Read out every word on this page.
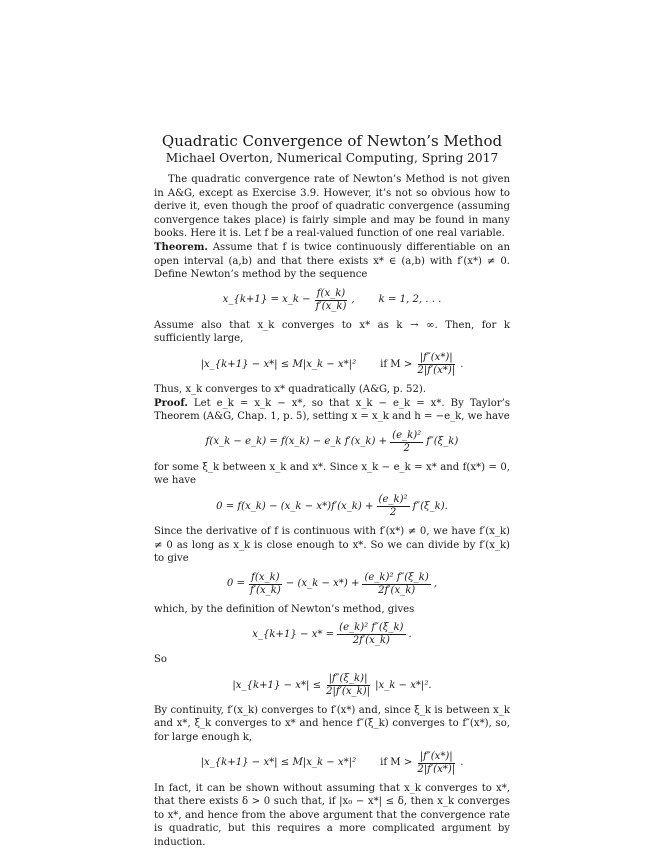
Quadratic Convergence of Newton’s Method
Michael Overton, Numerical Computing, Spring 2017

The quadratic convergence rate of Newton’s Method is not given in A&G, except as Exercise 3.9. However, it’s not so obvious how to derive it, even though the proof of quadratic convergence (assuming convergence takes place) is fairly simple and may be found in many books. Here it is. Let f be a real-valued function of one real variable.

Theorem. Assume that f is twice continuously differentiable on an open interval (a,b) and that there exists x* ∈ (a,b) with f′(x*) ≠ 0. Define Newton’s method by the sequence

x_{k+1} = x_k − $\frac{f(x\_k)}{f'(x\_k)}$ , k = 1, 2, . . .

Assume also that x_k converges to x* as k → ∞. Then, for k sufficiently large,

|x_{k+1} − x*| ≤ M|x_k − x*|² if $M > \frac{|f''(x*)|}{2|f'(x*)|}$ .

Thus, x_k converges to x* quadratically (A&G, p. 52).

Proof. Let e_k = x_k − x*, so that x_k − e_k = x*. By Taylor’s Theorem (A&G, Chap. 1, p. 5), setting x = x_k and h = −e_k, we have

f(x_k − e_k) = f(x_k) − e_k f′(x_k) + $\frac{\text{(e\_k)²}}{2}$ f″(ξ_k)

for some ξ_k between x_k and x*. Since x_k − e_k = x* and f(x*) = 0, we have

0 = f(x_k) − (x_k − x*)f′(x_k) + $\frac{\text{(e\_k)²}}{2}$ f″(ξ_k).

Since the derivative of f is continuous with f′(x*) ≠ 0, we have f′(x_k) ≠ 0 as long as x_k is close enough to x*. So we can divide by f′(x_k) to give

$0 = \frac{f(x\_k)}{f'(x\_k)}$ − (x_k − $x*) + \frac{\text{(e\_k)² f″(ξ\_k)}}{2f'(x\_k)}$ ,

which, by the definition of Newton’s method, gives

x_{k+1} − $x* = \frac{\text{(e\_k)² f″(ξ\_k)}}{2f'(x\_k)}$ .

So

|x_{k+1} − $x*| \le \frac{|f''(\xi\_k)|}{2|f'(x\_k)|}$ |x_k − x*|².

By continuity, f′(x_k) converges to f′(x*) and, since ξ_k is between x_k and x*, ξ_k converges to x* and hence f″(ξ_k) converges to f″(x*), so, for large enough k,

|x_{k+1} − x*| ≤ M|x_k − x*|² if $M > \frac{|f''(x*)|}{2|f'(x*)|}$ .

In fact, it can be shown without assuming that x_k converges to x*, that there exists δ > 0 such that, if |x₀ − x*| ≤ δ, then x_k converges to x*, and hence from the above argument that the convergence rate is quadratic, but this requires a more complicated argument by induction.
